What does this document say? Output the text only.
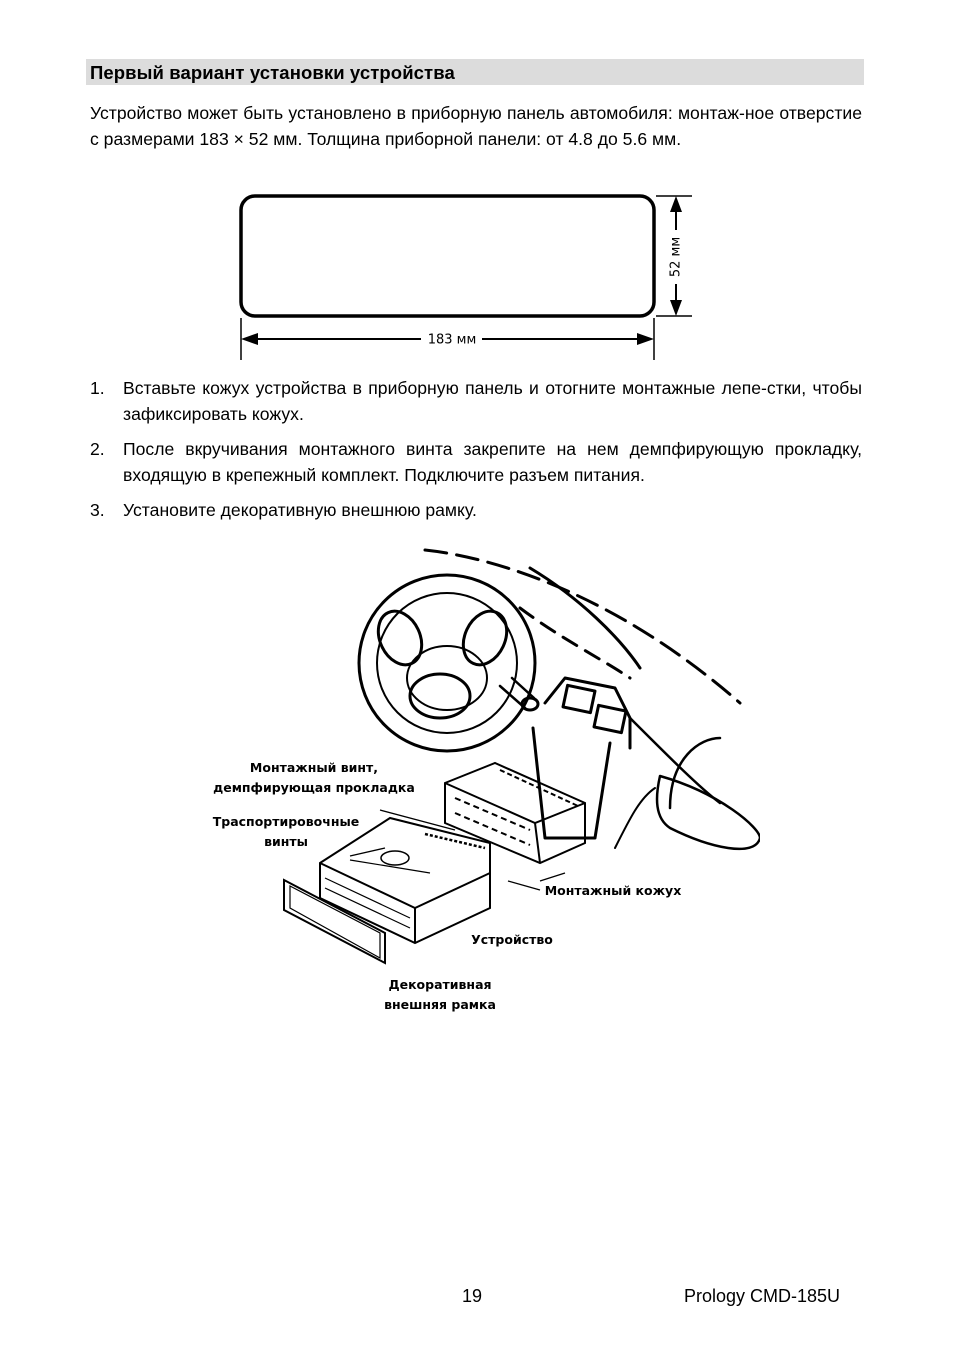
Первый вариант установки устройства
Устройство может быть установлено в приборную панель автомобиля: монтаж-ное отверстие с размерами 183 × 52 мм. Толщина приборной панели: от 4.8 до 5.6 мм.
52 мм
183 мм
1. Вставьте кожух устройства в приборную панель и отогните монтажные лепе-стки, чтобы зафиксировать кожух.
2. После вкручивания монтажного винта закрепите на нем демпфирующую прокладку, входящую в крепежный комплект. Подключите разъем питания.
3. Установите декоративную внешнюю рамку.
Монтажный винт,
демпфирующая прокладка
Траспортировочные
винты
Монтажный кожух
Устройство
Декоративная
внешняя рамка
19	Prology CMD-185U
